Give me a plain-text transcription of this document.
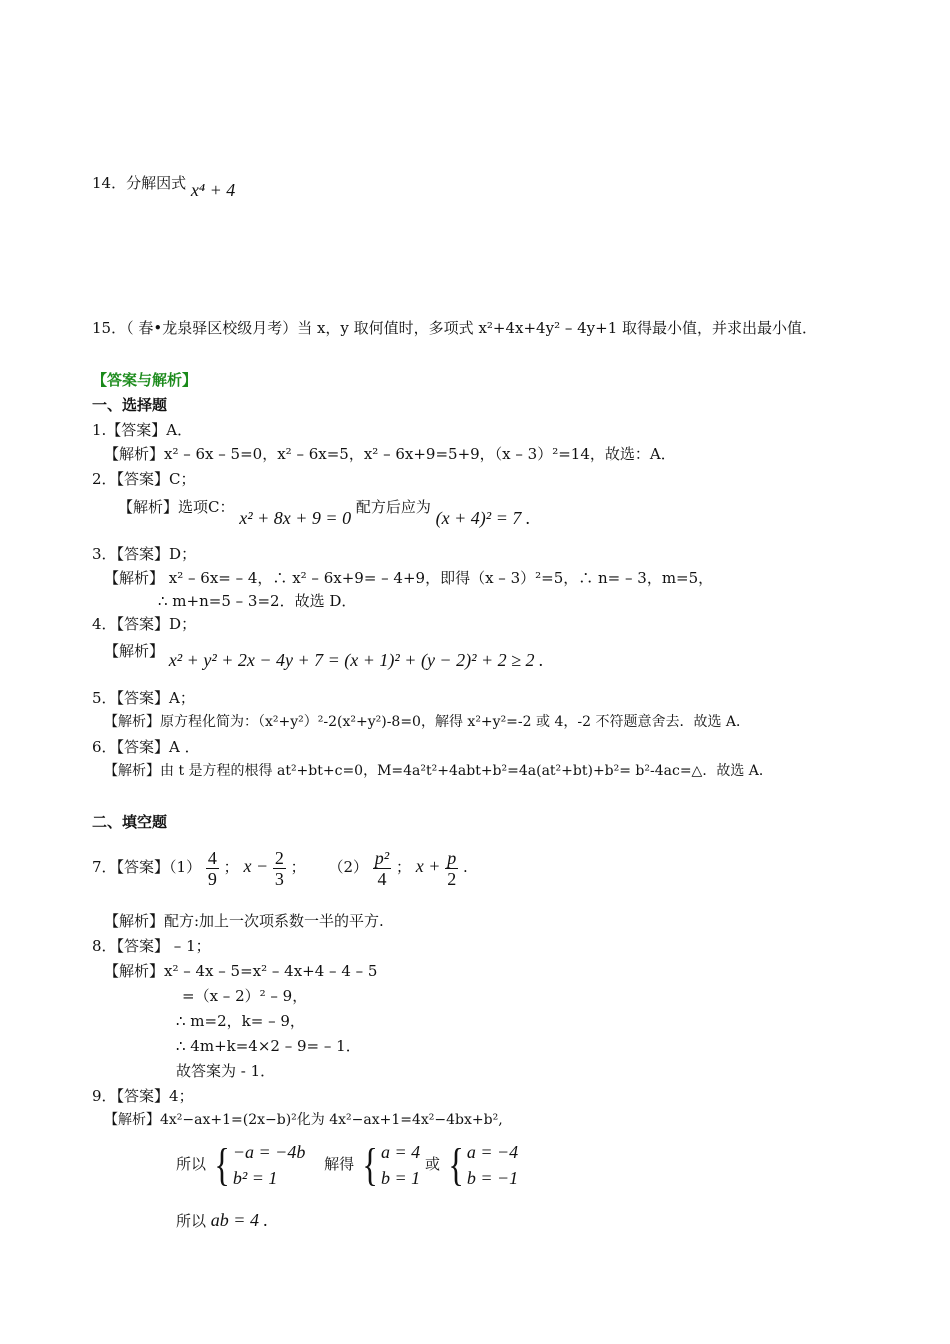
14．分解因式 x⁴ + 4
15．（ 春•龙泉驿区校级月考）当 x，y 取何值时，多项式 x²+4x+4y² – 4y+1 取得最小值，并求出最小值．
【答案与解析】
一、选择题
1.【答案】A．
【解析】x² – 6x – 5=0，x² – 6x=5，x² – 6x+9=5+9，（x – 3）²=14，故选：A．
2．【答案】C；
【解析】选项C： x² + 8x + 9 = 0 配方后应为 (x + 4)² = 7 .
3．【答案】D；
【解析】 x² – 6x= – 4，∴ x² – 6x+9= – 4+9，即得（x – 3）²=5，∴ n= – 3，m=5，
∴ m+n=5 – 3=2．故选 D．
4．【答案】D；
【解析】 x² + y² + 2x − 4y + 7 = (x + 1)² + (y − 2)² + 2 ≥ 2 .
5．【答案】A；
【解析】原方程化简为：（x²+y²）²-2(x²+y²)-8=0，解得 x²+y²=-2 或 4，-2 不符题意舍去．故选 A．
6．【答案】A ．
【解析】由 t 是方程的根得 at²+bt+c=0，M=4a²t²+4abt+b²=4a(at²+bt)+b²= b²-4ac=△．故选 A．
二、填空题
7．【答案】$(1) \frac{4}{9}$ ； $x - \frac{2}{3}$ ； $(2) \frac{\text{p²}}{4}$ ； $x + \frac{p}{2}$ .
【解析】配方:加上一次项系数一半的平方.
8．【答案】 – 1；
【解析】x² – 4x – 5=x² – 4x+4 – 4 – 5
=（x – 2）² – 9，
∴ m=2，k= – 9，
∴ 4m+k=4×2 – 9= – 1．
故答案为 - 1．
9．【答案】4；
【解析】4x²−ax+1=(2x−b)²化为 4x²−ax+1=4x²−4bx+b²,
所以 { −a = −4b
b² = 1
解得 { a = 4
b = 1
或 { a = −4
b = −1
所以 ab = 4 .
